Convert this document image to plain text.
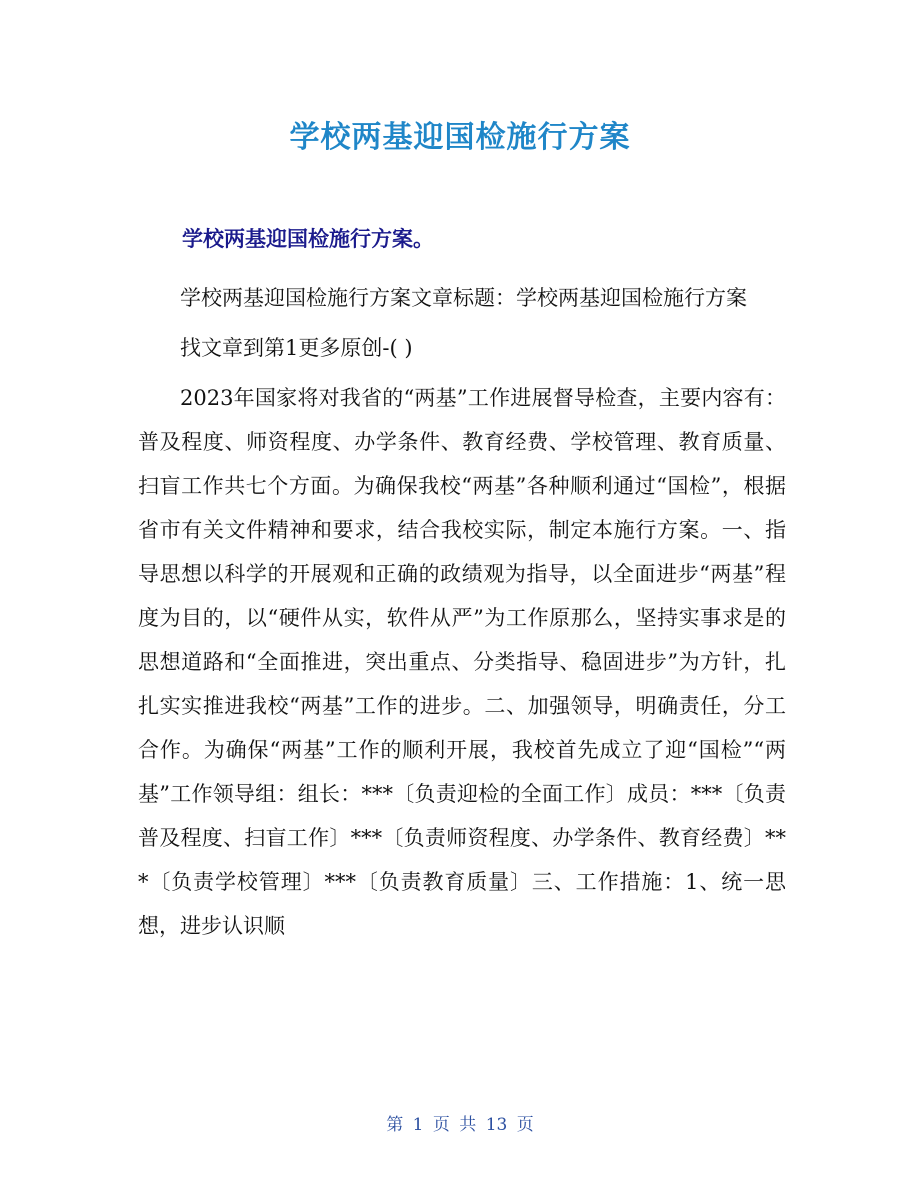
学校两基迎国检施行方案
学校两基迎国检施行方案。

学校两基迎国检施行方案文章标题：学校两基迎国检施行方案

找文章到第1更多原创-( )

2023年国家将对我省的“两基”工作进展督导检查，主要内容有：普及程度、师资程度、办学条件、教育经费、学校管理、教育质量、扫盲工作共七个方面。为确保我校“两基”各种顺利通过“国检”，根据省市有关文件精神和要求，结合我校实际，制定本施行方案。一、指导思想以科学的开展观和正确的政绩观为指导，以全面进步“两基”程度为目的，以“硬件从实，软件从严”为工作原那么，坚持实事求是的思想道路和“全面推进，突出重点、分类指导、稳固进步”为方针，扎扎实实推进我校“两基”工作的进步。二、加强领导，明确责任，分工合作。为确保“两基”工作的顺利开展，我校首先成立了迎“国检”“两基”工作领导组：组长：***〔负责迎检的全面工作〕成员：***〔负责普及程度、扫盲工作〕***〔负责师资程度、办学条件、教育经费〕***〔负责学校管理〕***〔负责教育质量〕三、工作措施：1、统一思想，进步认识顺

第 1 页 共 13 页
